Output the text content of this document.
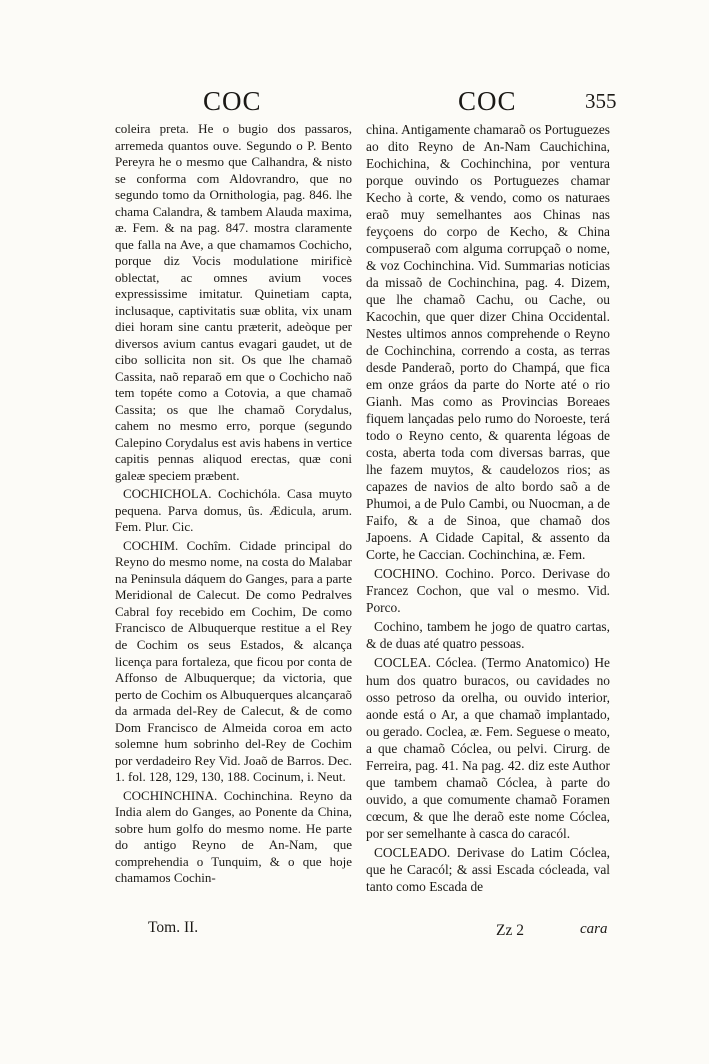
COC	COC	355

coleira preta. He o bugio dos passaros, arremeda quantos ouve. Segundo o P. Bento Pereyra he o mesmo que Calhandra, & nisto se conforma com Aldovrandro, que no segundo tomo da Ornithologia, pag. 846. lhe chama Calandra, & tambem Alauda maxima, æ. Fem. & na pag. 847. mostra claramente que falla na Ave, a que chamamos Cochicho, porque diz Vocis modulatione mirificè oblectat, ac omnes avium voces expressissime imitatur. Quinetiam capta, inclusaque, captivitatis suæ oblita, vix unam diei horam sine cantu præterit, adeòque per diversos avium cantus evagari gaudet, ut de cibo sollicita non sit. Os que lhe chamaõ Cassita, naõ reparaõ em que o Cochicho naõ tem topéte como a Cotovia, a que chamaõ Cassita; os que lhe chamaõ Corydalus, cahem no mesmo erro, porque (segundo Calepino Corydalus est avis habens in vertice capitis pennas aliquod erectas, quæ coni galeæ speciem præbent.

COCHICHOLA. Cochichóla. Casa muyto pequena. Parva domus, ûs. Ædicula, arum. Fem. Plur. Cic.

COCHIM. Cochîm. Cidade principal do Reyno do mesmo nome, na costa do Malabar na Peninsula dáquem do Ganges, para a parte Meridional de Calecut. De como Pedralves Cabral foy recebido em Cochim, De como Francisco de Albuquerque restitue a el Rey de Cochim os seus Estados, & alcança licença para fortaleza, que ficou por conta de Affonso de Albuquerque; da victoria, que perto de Cochim os Albuquerques alcançaraõ da armada del-Rey de Calecut, & de como Dom Francisco de Almeida coroa em acto solemne hum sobrinho del-Rey de Cochim por verdadeiro Rey Vid. Joaõ de Barros. Dec. 1. fol. 128, 129, 130, 188. Cocinum, i. Neut.

COCHINCHINA. Cochinchina. Reyno da India alem do Ganges, ao Ponente da China, sobre hum golfo do mesmo nome. He parte do antigo Reyno de An-Nam, que comprehendia o Tunquim, & o que hoje chamamos Cochin-

china. Antigamente chamaraõ os Portuguezes ao dito Reyno de An-Nam Cauchichina, Eochichina, & Cochinchina, por ventura porque ouvindo os Portuguezes chamar Kecho à corte, & vendo, como os naturaes eraõ muy semelhantes aos Chinas nas feyçoens do corpo de Kecho, & China compuseraõ com alguma corrupçaõ o nome, & voz Cochinchina. Vid. Summarias noticias da missaõ de Cochinchina, pag. 4. Dizem, que lhe chamaõ Cachu, ou Cache, ou Kacochin, que quer dizer China Occidental. Nestes ultimos annos comprehende o Reyno de Cochinchina, correndo a costa, as terras desde Panderaõ, porto do Champá, que fica em onze gráos da parte do Norte até o rio Gianh. Mas como as Provincias Boreaes fiquem lançadas pelo rumo do Noroeste, terá todo o Reyno cento, & quarenta légoas de costa, aberta toda com diversas barras, que lhe fazem muytos, & caudelozos rios; as capazes de navios de alto bordo saõ a de Phumoi, a de Pulo Cambi, ou Nuocman, a de Faifo, & a de Sinoa, que chamaõ dos Japoens. A Cidade Capital, & assento da Corte, he Caccian. Cochinchina, æ. Fem.

COCHINO. Cochino. Porco. Derivase do Francez Cochon, que val o mesmo. Vid. Porco.

Cochino, tambem he jogo de quatro cartas, & de duas até quatro pessoas.

COCLEA. Cóclea. (Termo Anatomico) He hum dos quatro buracos, ou cavidades no osso petroso da orelha, ou ouvido interior, aonde está o Ar, a que chamaõ implantado, ou gerado. Coclea, æ. Fem. Seguese o meato, a que chamaõ Cóclea, ou pelvi. Cirurg. de Ferreira, pag. 41. Na pag. 42. diz este Author que tambem chamaõ Cóclea, à parte do ouvido, a que comumente chamaõ Foramen cœcum, & que lhe deraõ este nome Cóclea, por ser semelhante à casca do caracól.

COCLEADO. Derivase do Latim Cóclea, que he Caracól; & assi Escada cócleada, val tanto como Escada de

Tom. II.	Zz 2	cara
